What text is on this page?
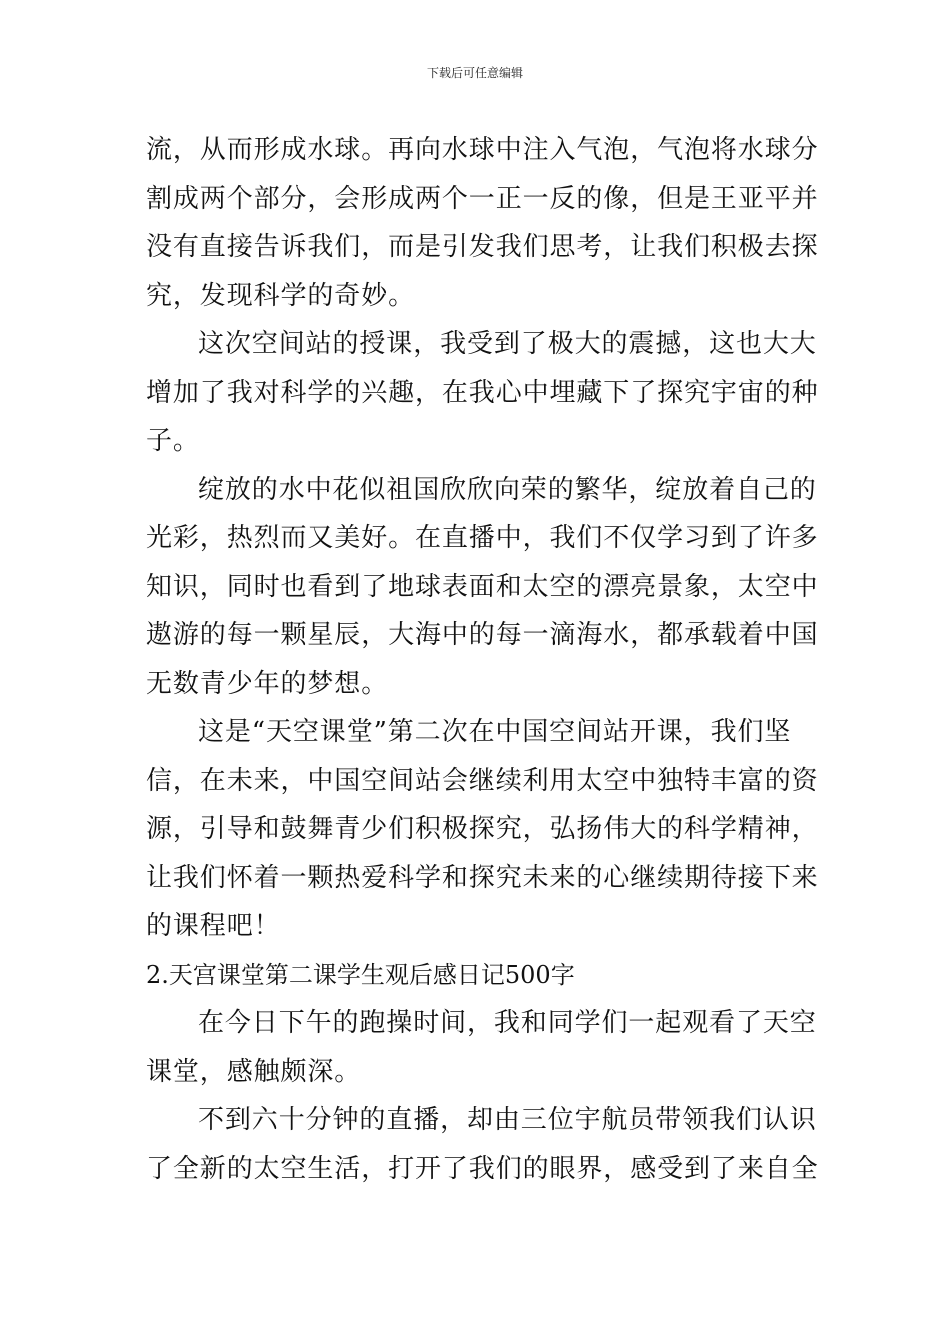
下载后可任意编辑
流，从而形成水球。再向水球中注入气泡，气泡将水球分
割成两个部分，会形成两个一正一反的像，但是王亚平并
没有直接告诉我们，而是引发我们思考，让我们积极去探
究，发现科学的奇妙。
这次空间站的授课，我受到了极大的震撼，这也大大
增加了我对科学的兴趣，在我心中埋藏下了探究宇宙的种
子。
绽放的水中花似祖国欣欣向荣的繁华，绽放着自己的
光彩，热烈而又美好。在直播中，我们不仅学习到了许多
知识，同时也看到了地球表面和太空的漂亮景象，太空中
遨游的每一颗星辰，大海中的每一滴海水，都承载着中国
无数青少年的梦想。
这是“天空课堂”第二次在中国空间站开课，我们坚
信，在未来，中国空间站会继续利用太空中独特丰富的资
源，引导和鼓舞青少们积极探究，弘扬伟大的科学精神，
让我们怀着一颗热爱科学和探究未来的心继续期待接下来
的课程吧！
2.天宫课堂第二课学生观后感日记500字
在今日下午的跑操时间，我和同学们一起观看了天空
课堂，感触颇深。
不到六十分钟的直播，却由三位宇航员带领我们认识
了全新的太空生活，打开了我们的眼界，感受到了来自全
